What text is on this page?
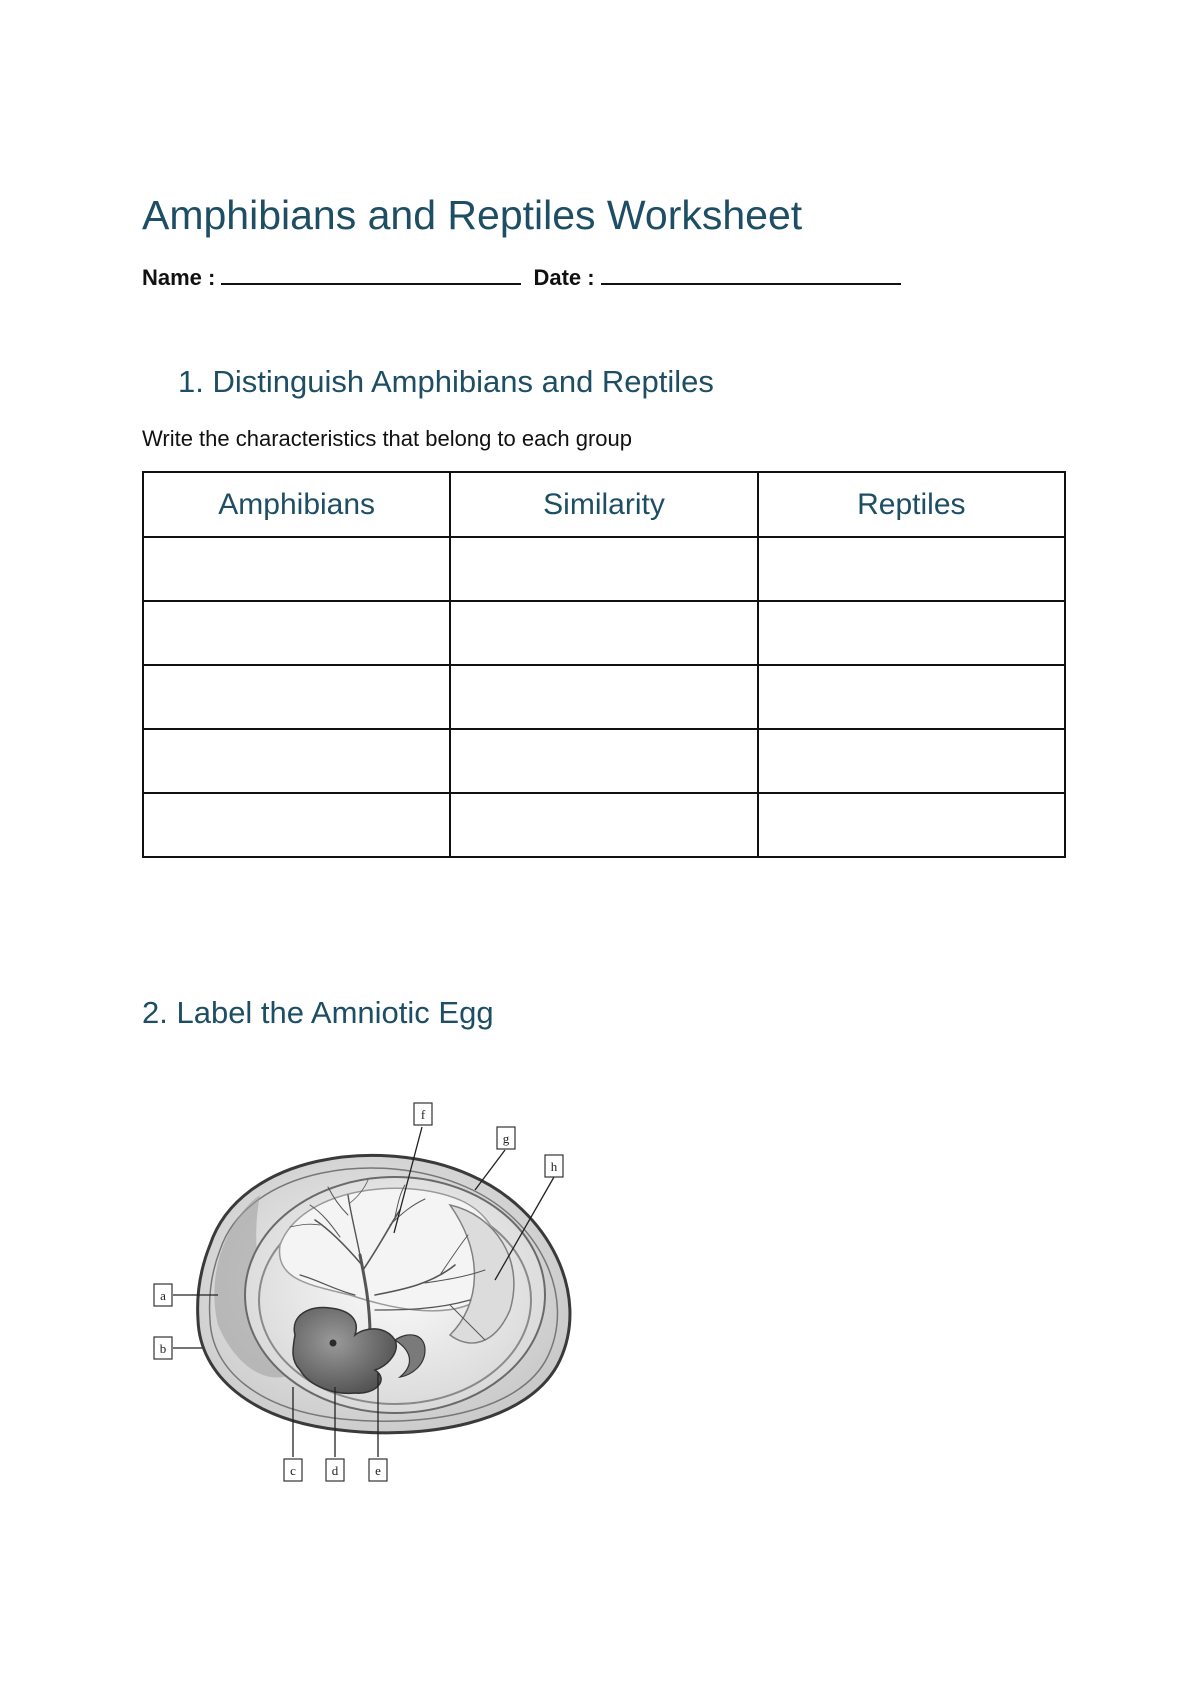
Amphibians and Reptiles Worksheet
Name :	Date :
1. Distinguish Amphibians and Reptiles
Write the characteristics that belong to each group
Amphibians	Similarity	Reptiles

2. Label the Amniotic Egg
f
g
h
a
b
c	d	e
